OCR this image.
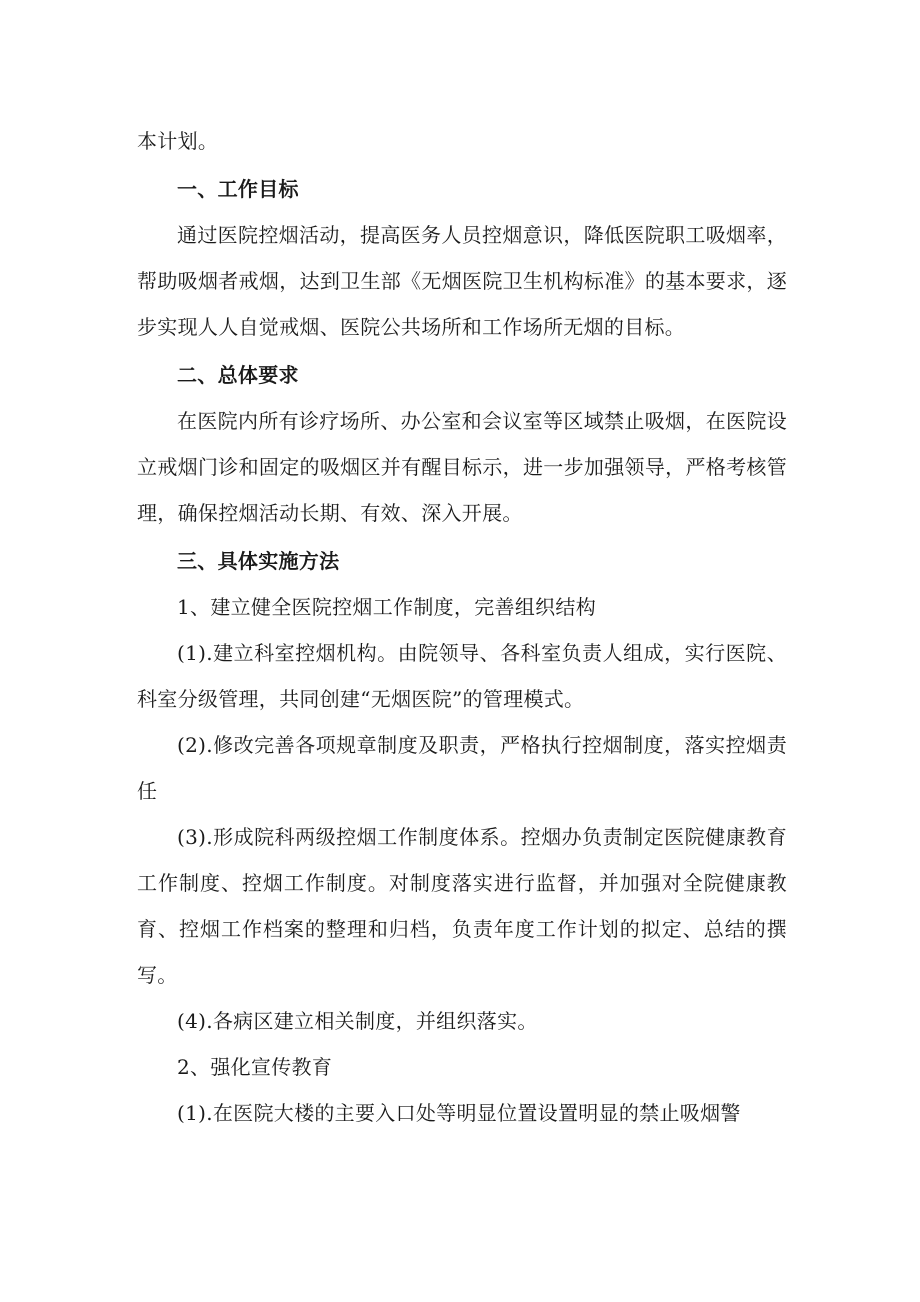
本计划。

一、工作目标

通过医院控烟活动，提高医务人员控烟意识，降低医院职工吸烟率，帮助吸烟者戒烟，达到卫生部《无烟医院卫生机构标准》的基本要求，逐步实现人人自觉戒烟、医院公共场所和工作场所无烟的目标。

二、总体要求

在医院内所有诊疗场所、办公室和会议室等区域禁止吸烟，在医院设立戒烟门诊和固定的吸烟区并有醒目标示，进一步加强领导，严格考核管理，确保控烟活动长期、有效、深入开展。

三、具体实施方法

1、建立健全医院控烟工作制度，完善组织结构

(1).建立科室控烟机构。由院领导、各科室负责人组成，实行医院、科室分级管理，共同创建“无烟医院”的管理模式。

(2).修改完善各项规章制度及职责，严格执行控烟制度，落实控烟责任

(3).形成院科两级控烟工作制度体系。控烟办负责制定医院健康教育工作制度、控烟工作制度。对制度落实进行监督，并加强对全院健康教育、控烟工作档案的整理和归档，负责年度工作计划的拟定、总结的撰写。

(4).各病区建立相关制度，并组织落实。

2、强化宣传教育

(1).在医院大楼的主要入口处等明显位置设置明显的禁止吸烟警
